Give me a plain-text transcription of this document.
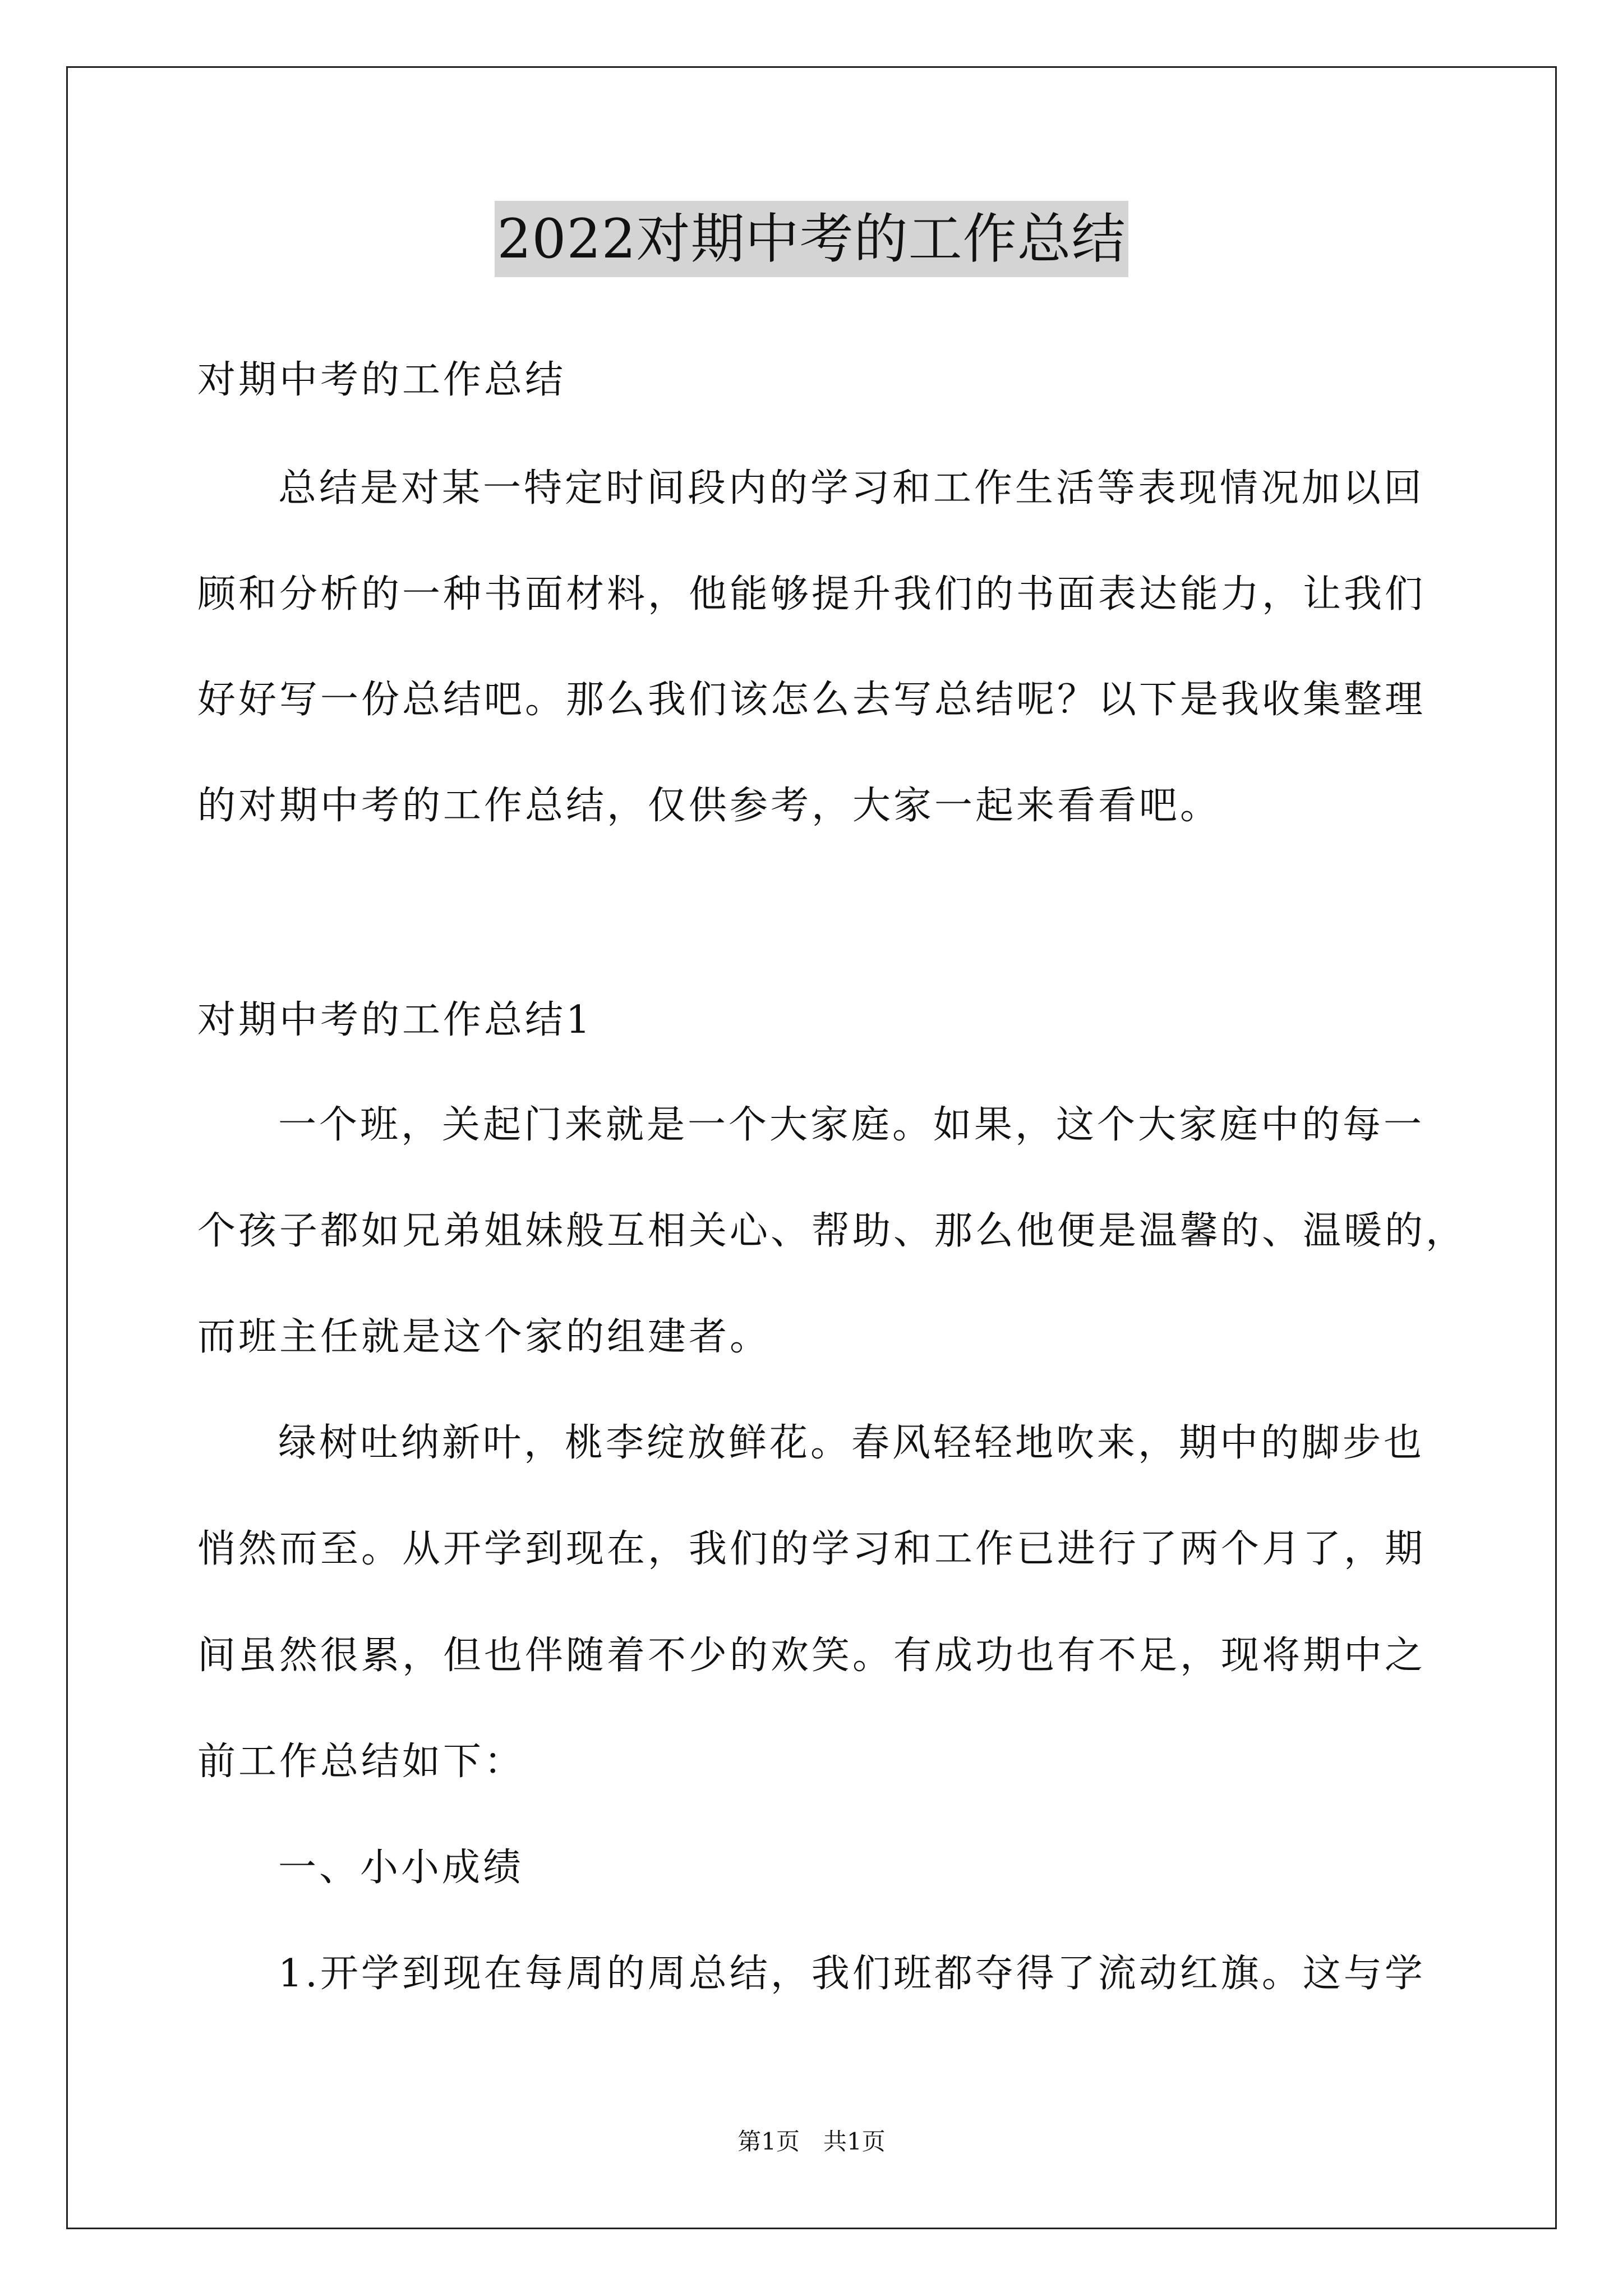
2022对期中考的工作总结
对期中考的工作总结
总结是对某一特定时间段内的学习和工作生活等表现情况加以回
顾和分析的一种书面材料，他能够提升我们的书面表达能力，让我们
好好写一份总结吧。那么我们该怎么去写总结呢？以下是我收集整理
的对期中考的工作总结，仅供参考，大家一起来看看吧。
对期中考的工作总结1
一个班，关起门来就是一个大家庭。如果，这个大家庭中的每一
个孩子都如兄弟姐妹般互相关心、帮助、那么他便是温馨的、温暖的，
而班主任就是这个家的组建者。
绿树吐纳新叶，桃李绽放鲜花。春风轻轻地吹来，期中的脚步也
悄然而至。从开学到现在，我们的学习和工作已进行了两个月了，期
间虽然很累，但也伴随着不少的欢笑。有成功也有不足，现将期中之
前工作总结如下：
一、小小成绩
1.开学到现在每周的周总结，我们班都夺得了流动红旗。这与学
第1页　共1页
